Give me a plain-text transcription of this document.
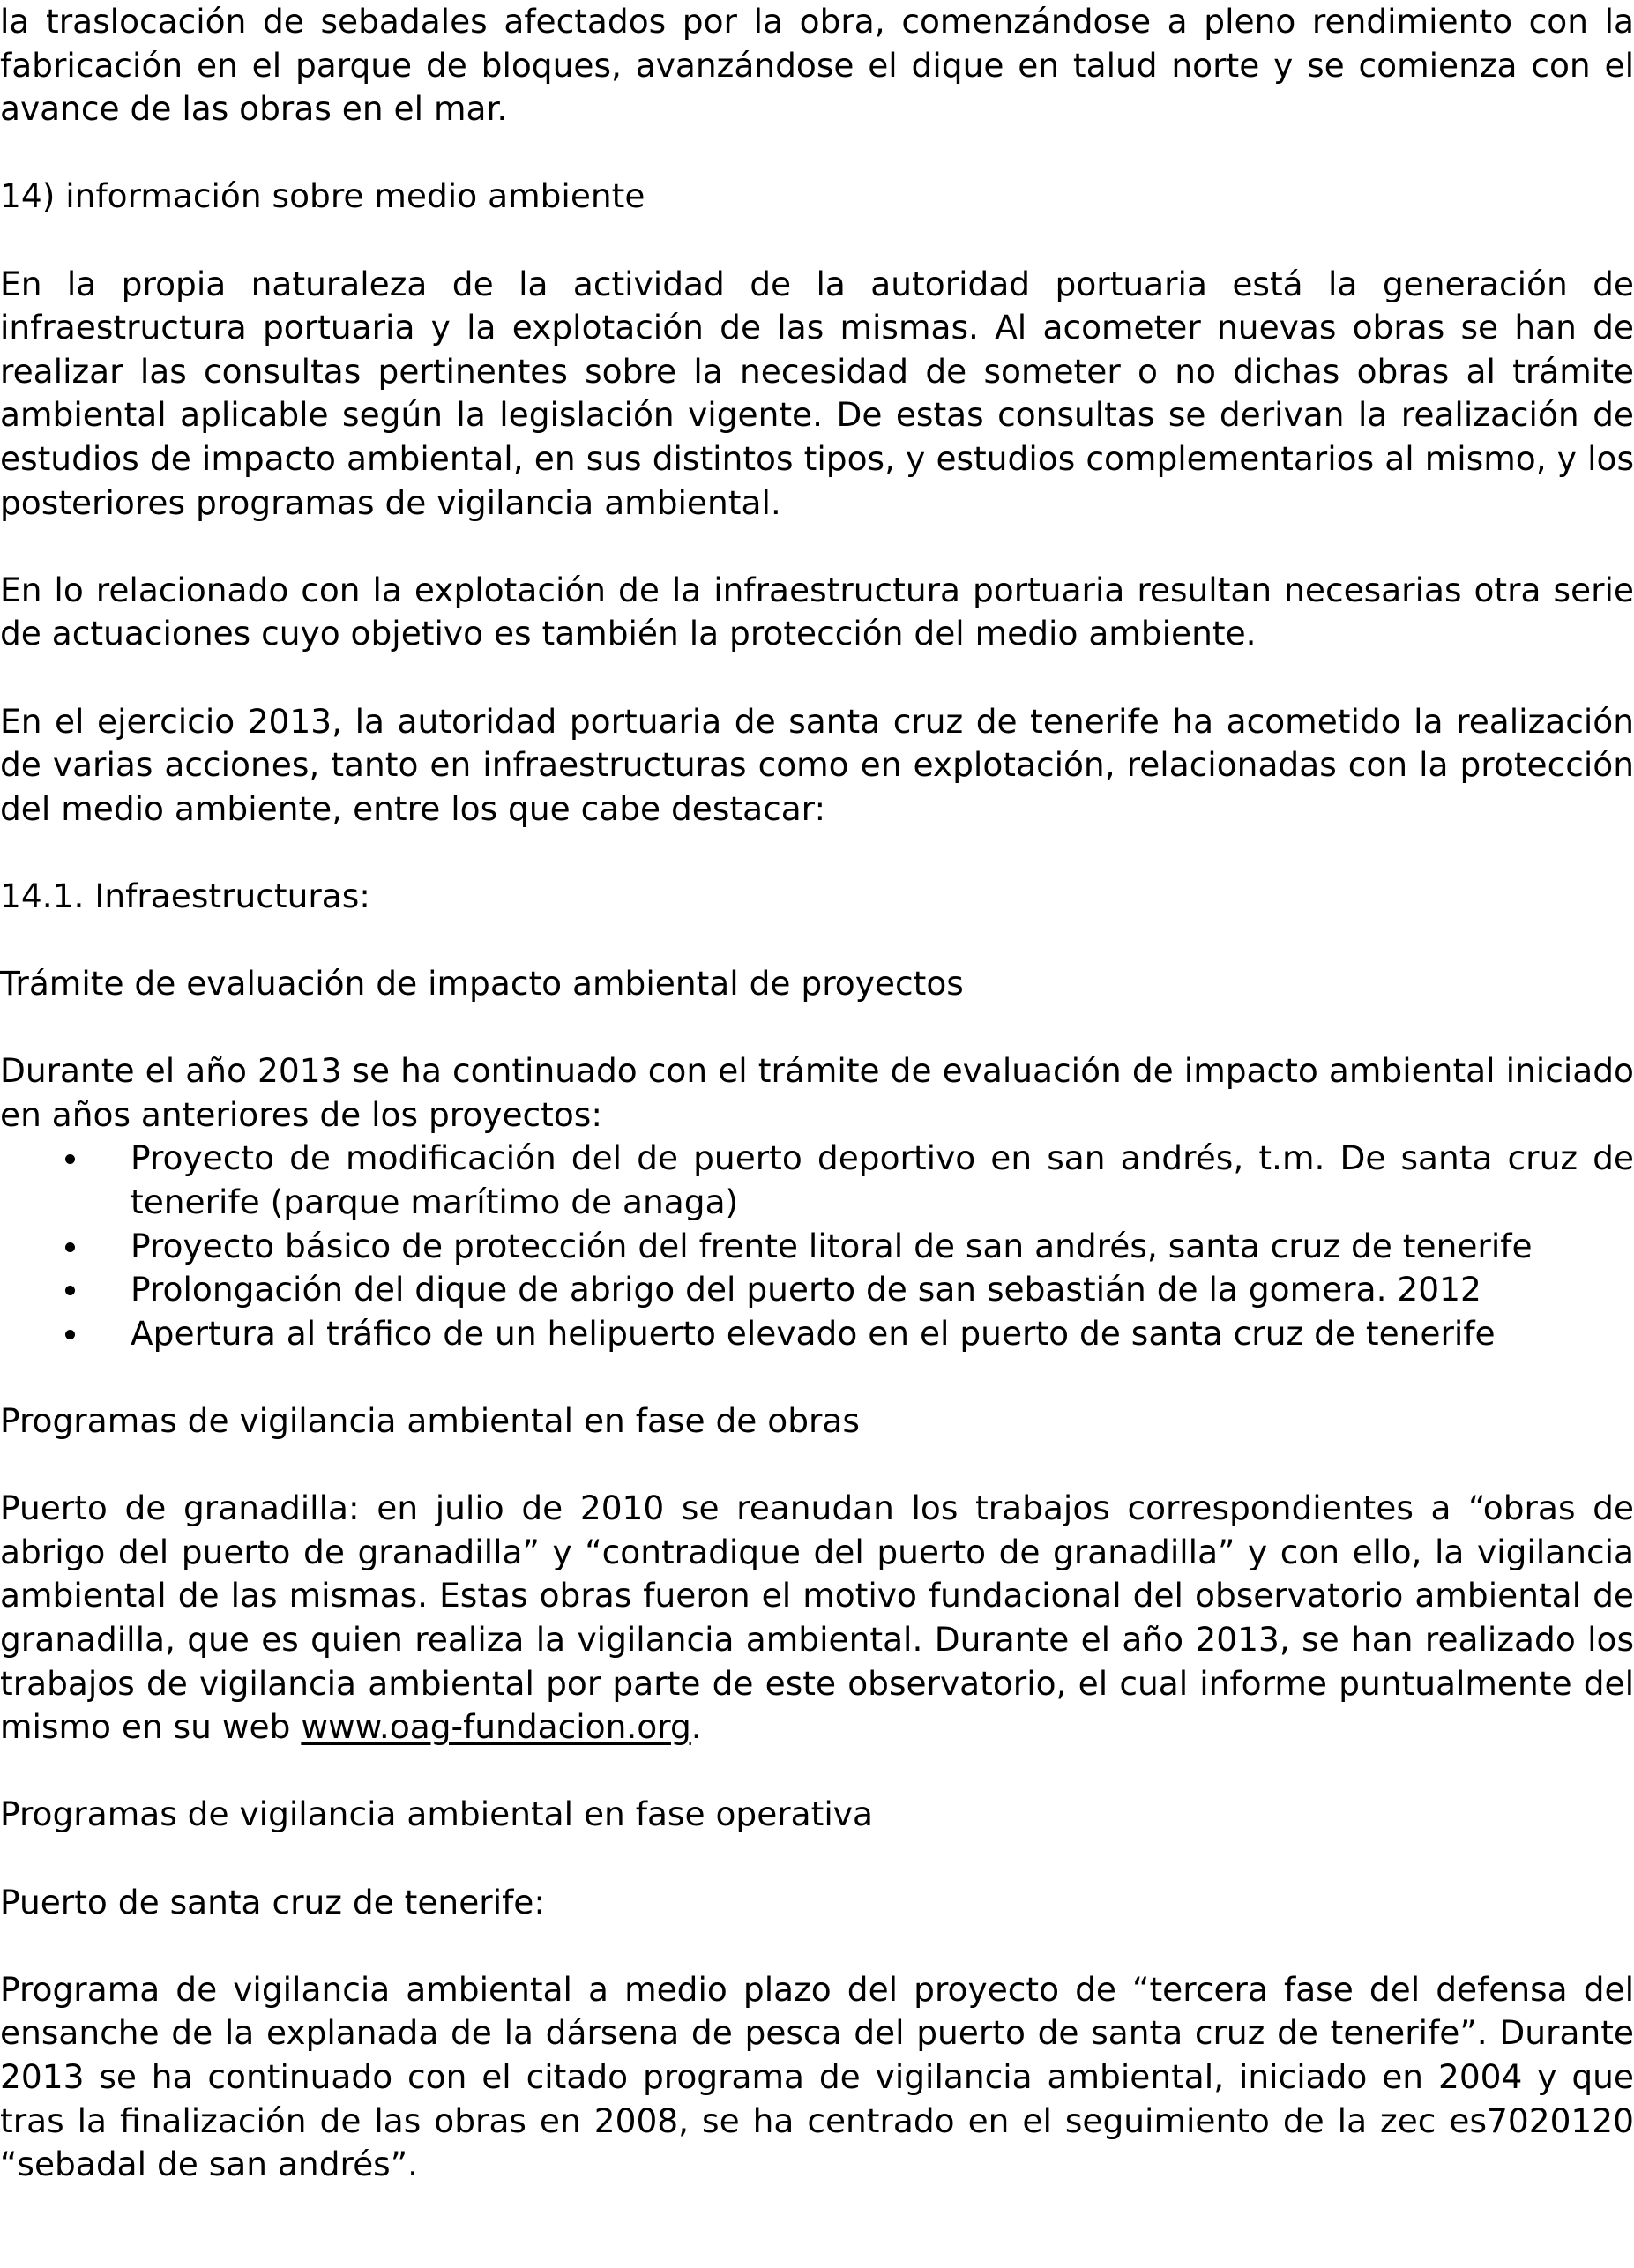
la traslocación de sebadales afectados por la obra, comenzándose a pleno rendimiento con la fabricación en el parque de bloques, avanzándose el dique en talud norte y se comienza con el avance de las obras en el mar.

14) información sobre medio ambiente

En la propia naturaleza de la actividad de la autoridad portuaria está la generación de infraestructura portuaria y la explotación de las mismas. Al acometer nuevas obras se han de realizar las consultas pertinentes sobre la necesidad de someter o no dichas obras al trámite ambiental aplicable según la legislación vigente. De estas consultas se derivan la realización de estudios de impacto ambiental, en sus distintos tipos, y estudios complementarios al mismo, y los posteriores programas de vigilancia ambiental.

En lo relacionado con la explotación de la infraestructura portuaria resultan necesarias otra serie de actuaciones cuyo objetivo es también la protección del medio ambiente.

En el ejercicio 2013, la autoridad portuaria de santa cruz de tenerife ha acometido la realización de varias acciones, tanto en infraestructuras como en explotación, relacionadas con la protección del medio ambiente, entre los que cabe destacar:

14.1. Infraestructuras:

Trámite de evaluación de impacto ambiental de proyectos

Durante el año 2013 se ha continuado con el trámite de evaluación de impacto ambiental iniciado en años anteriores de los proyectos:

Proyecto de modificación del de puerto deportivo en san andrés, t.m. De santa cruz de tenerife (parque marítimo de anaga)
Proyecto básico de protección del frente litoral de san andrés, santa cruz de tenerife
Prolongación del dique de abrigo del puerto de san sebastián de la gomera. 2012
Apertura al tráfico de un helipuerto elevado en el puerto de santa cruz de tenerife

Programas de vigilancia ambiental en fase de obras

Puerto de granadilla: en julio de 2010 se reanudan los trabajos correspondientes a “obras de abrigo del puerto de granadilla” y “contradique del puerto de granadilla” y con ello, la vigilancia ambiental de las mismas. Estas obras fueron el motivo fundacional del observatorio ambiental de granadilla, que es quien realiza la vigilancia ambiental. Durante el año 2013, se han realizado los trabajos de vigilancia ambiental por parte de este observatorio, el cual informe puntualmente del mismo en su web www.oag-fundacion.org.

Programas de vigilancia ambiental en fase operativa

Puerto de santa cruz de tenerife:

Programa de vigilancia ambiental a medio plazo del proyecto de “tercera fase del defensa del ensanche de la explanada de la dársena de pesca del puerto de santa cruz de tenerife”. Durante 2013 se ha continuado con el citado programa de vigilancia ambiental, iniciado en 2004 y que tras la finalización de las obras en 2008, se ha centrado en el seguimiento de la zec es7020120 “sebadal de san andrés”.
